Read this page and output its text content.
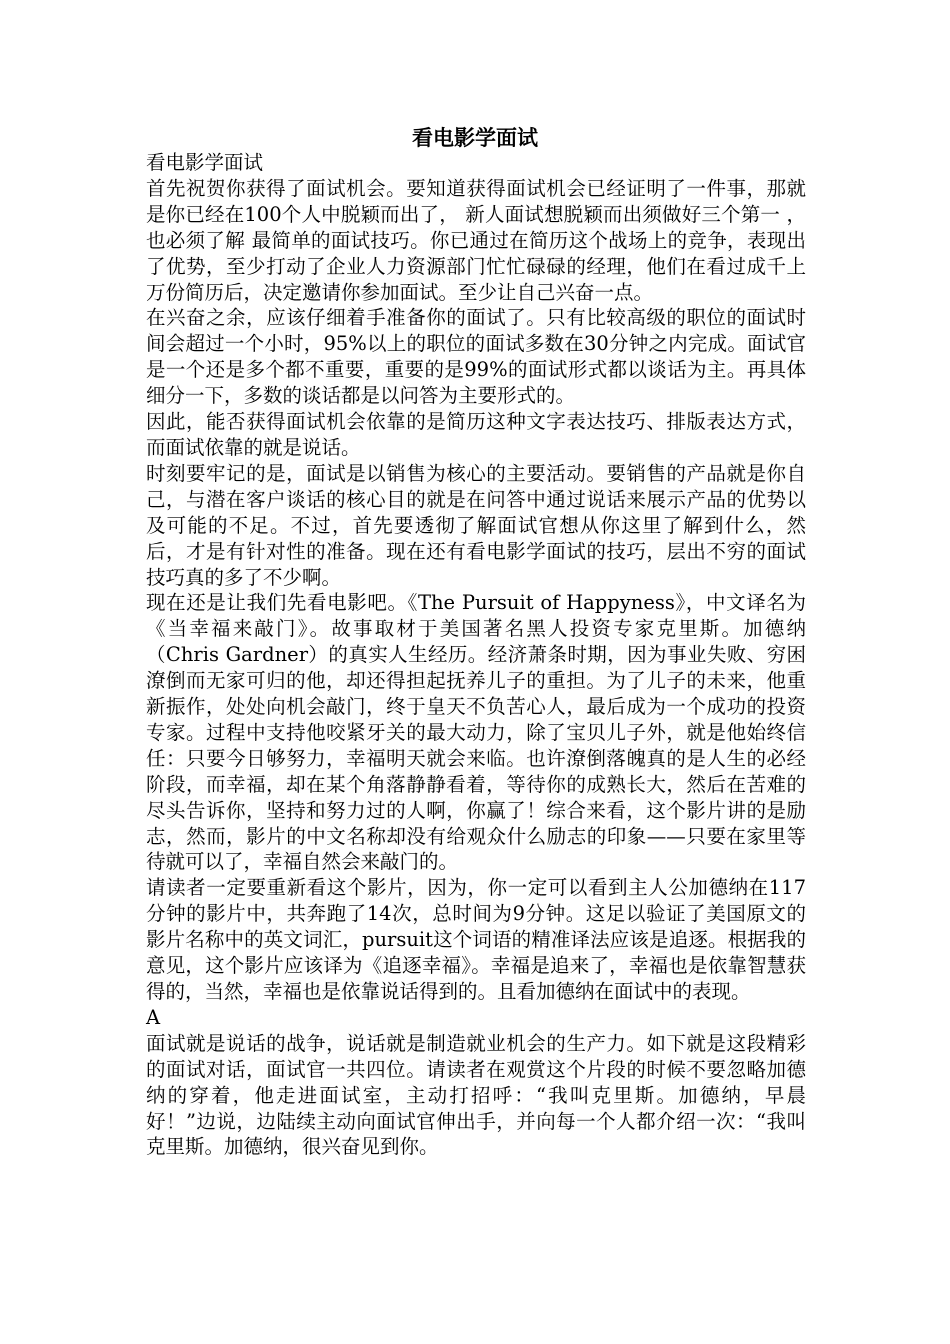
看电影学面试

看电影学面试

首先祝贺你获得了面试机会。要知道获得面试机会已经证明了一件事，那就是你已经在100个人中脱颖而出了， 新人面试想脱颖而出须做好三个第一 ，也必须了解 最简单的面试技巧。你已通过在简历这个战场上的竞争，表现出了优势，至少打动了企业人力资源部门忙忙碌碌的经理，他们在看过成千上万份简历后，决定邀请你参加面试。至少让自己兴奋一点。

在兴奋之余，应该仔细着手准备你的面试了。只有比较高级的职位的面试时间会超过一个小时，95%以上的职位的面试多数在30分钟之内完成。面试官是一个还是多个都不重要，重要的是99%的面试形式都以谈话为主。再具体细分一下，多数的谈话都是以问答为主要形式的。

因此，能否获得面试机会依靠的是简历这种文字表达技巧、排版表达方式，而面试依靠的就是说话。

时刻要牢记的是，面试是以销售为核心的主要活动。要销售的产品就是你自己，与潜在客户谈话的核心目的就是在问答中通过说话来展示产品的优势以及可能的不足。不过，首先要透彻了解面试官想从你这里了解到什么，然后，才是有针对性的准备。现在还有看电影学面试的技巧，层出不穷的面试技巧真的多了不少啊。

现在还是让我们先看电影吧。《The Pursuit of Happyness》，中文译名为《当幸福来敲门》。故事取材于美国著名黑人投资专家克里斯。加德纳（Chris Gardner）的真实人生经历。经济萧条时期，因为事业失败、穷困潦倒而无家可归的他，却还得担起抚养儿子的重担。为了儿子的未来，他重新振作，处处向机会敲门，终于皇天不负苦心人，最后成为一个成功的投资专家。过程中支持他咬紧牙关的最大动力，除了宝贝儿子外，就是他始终信任：只要今日够努力，幸福明天就会来临。也许潦倒落魄真的是人生的必经阶段，而幸福，却在某个角落静静看着，等待你的成熟长大，然后在苦难的尽头告诉你，坚持和努力过的人啊，你赢了！综合来看，这个影片讲的是励志，然而，影片的中文名称却没有给观众什么励志的印象——只要在家里等待就可以了，幸福自然会来敲门的。

请读者一定要重新看这个影片，因为，你一定可以看到主人公加德纳在117分钟的影片中，共奔跑了14次，总时间为9分钟。这足以验证了美国原文的影片名称中的英文词汇，pursuit这个词语的精准译法应该是追逐。根据我的意见，这个影片应该译为《追逐幸福》。幸福是追来了，幸福也是依靠智慧获得的，当然，幸福也是依靠说话得到的。且看加德纳在面试中的表现。

A

面试就是说话的战争，说话就是制造就业机会的生产力。如下就是这段精彩的面试对话，面试官一共四位。请读者在观赏这个片段的时候不要忽略加德纳的穿着，他走进面试室，主动打招呼：“我叫克里斯。加德纳，早晨好！”边说，边陆续主动向面试官伸出手，并向每一个人都介绍一次：“我叫克里斯。加德纳，很兴奋见到你。
